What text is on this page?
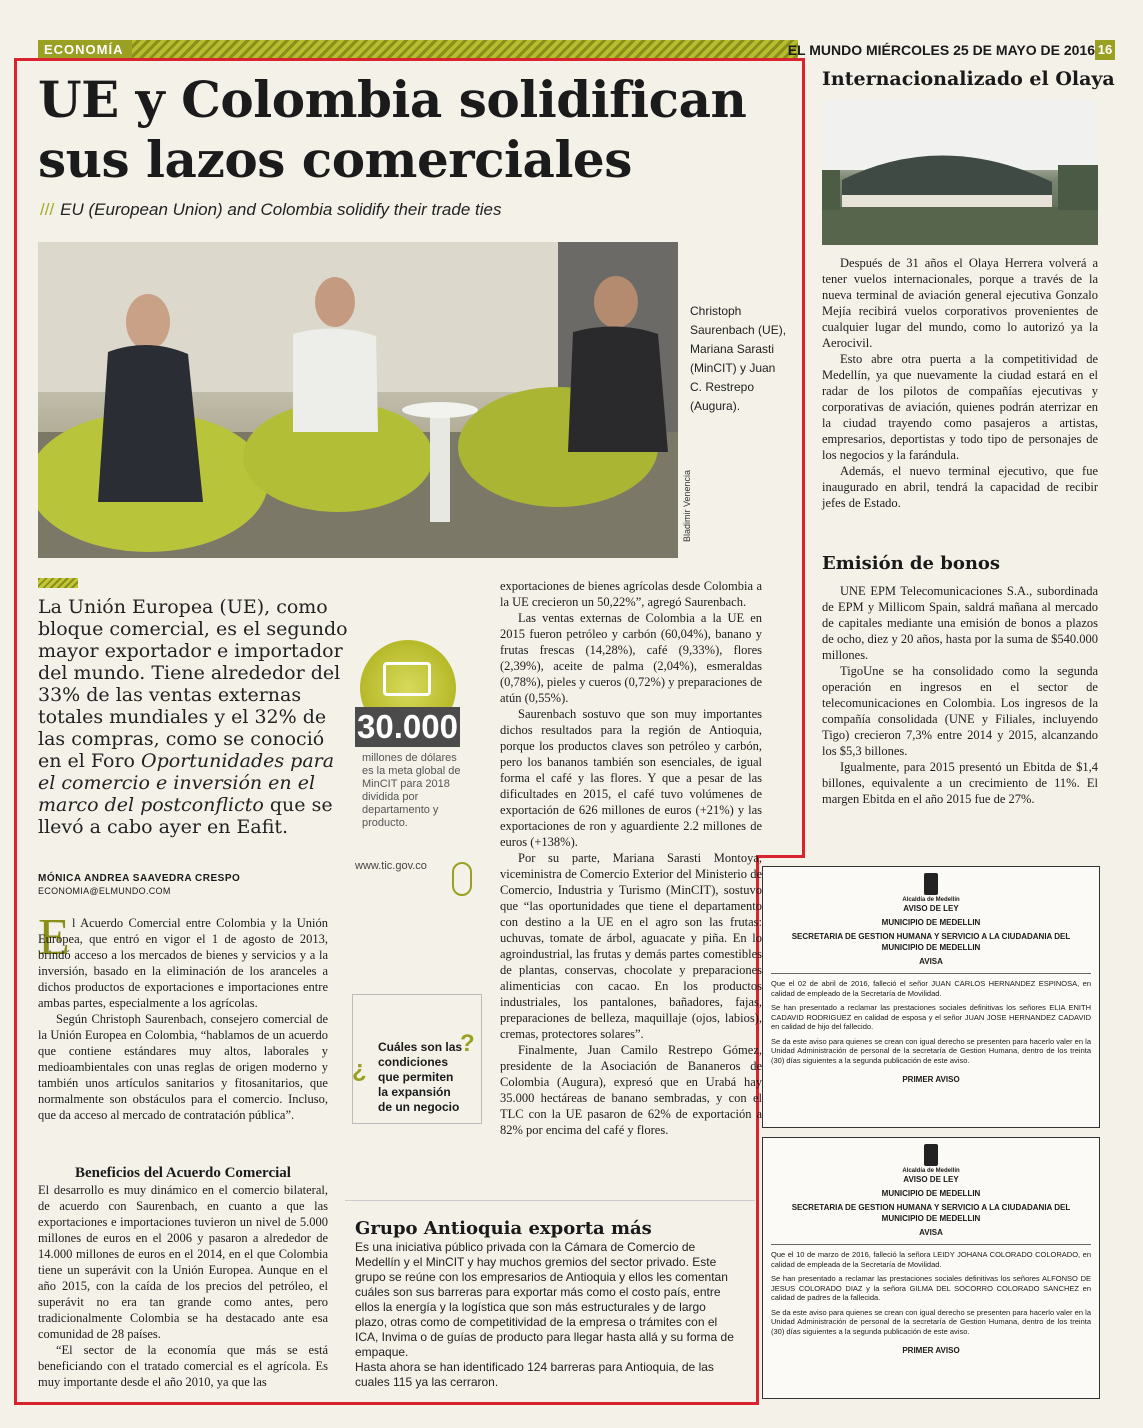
ECONOMÍA	EL MUNDO MIÉRCOLES 25 DE MAYO DE 2016 16
UE y Colombia solidifican
sus lazos comerciales
/// EU (European Union) and Colombia solidify their trade ties
Bladimir Venencia
Christoph Saurenbach (UE), Mariana Sarasti (MinCIT) y Juan C. Restrepo (Augura).
La Unión Europea (UE), como bloque comercial, es el segundo mayor exportador e importador del mundo. Tiene alrededor del 33% de las ventas externas totales mundiales y el 32% de las compras, como se conoció en el Foro Oportunidades para el comercio e inversión en el marco del postconflicto que se llevó a cabo ayer en Eafit.
MÓNICA ANDREA SAAVEDRA CRESPO
ECONOMIA@ELMUNDO.COM
30.000
millones de dólares es la meta global de MinCIT para 2018 dividida por departamento y producto.
www.tic.gov.co
¿
?
Cuáles son las condiciones que permiten la expansión de un negocio
E l Acuerdo Comercial entre Colombia y la Unión Europea, que entró en vigor el 1 de agosto de 2013, brindó acceso a los mercados de bienes y servicios y a la inversión, basado en la eliminación de los aranceles a dichos productos de exportaciones e importaciones entre ambas partes, especialmente a los agrícolas.

Según Christoph Saurenbach, consejero comercial de la Unión Europea en Colombia, “hablamos de un acuerdo que contiene estándares muy altos, laborales y medioambientales con unas reglas de origen moderno y también unos artículos sanitarios y fitosanitarios, que normalmente son obstáculos para el comercio. Incluso, que da acceso al mercado de contratación pública”.

Beneficios del Acuerdo Comercial

El desarrollo es muy dinámico en el comercio bilateral, de acuerdo con Saurenbach, en cuanto a que las exportaciones e importaciones tuvieron un nivel de 5.000 millones de euros en el 2006 y pasaron a alrededor de 14.000 millones de euros en el 2014, en el que Colombia tiene un superávit con la Unión Europea. Aunque en el año 2015, con la caída de los precios del petróleo, el superávit no era tan grande como antes, pero tradicionalmente Colombia se ha destacado ante esa comunidad de 28 países.

“El sector de la economía que más se está beneficiando con el tratado comercial es el agrícola. Es muy importante desde el año 2010, ya que las

exportaciones de bienes agrícolas desde Colombia a la UE crecieron un 50,22%”, agregó Saurenbach.

Las ventas externas de Colombia a la UE en 2015 fueron petróleo y carbón (60,04%), banano y frutas frescas (14,28%), café (9,33%), flores (2,39%), aceite de palma (2,04%), esmeraldas (0,78%), pieles y cueros (0,72%) y preparaciones de atún (0,55%).

Saurenbach sostuvo que son muy importantes dichos resultados para la región de Antioquia, porque los productos claves son petróleo y carbón, pero los bananos también son esenciales, de igual forma el café y las flores. Y que a pesar de las dificultades en 2015, el café tuvo volúmenes de exportación de 626 millones de euros (+21%) y las exportaciones de ron y aguardiente 2.2 millones de euros (+138%).

Por su parte, Mariana Sarasti Montoya, viceministra de Comercio Exterior del Ministerio de Comercio, Industria y Turismo (MinCIT), sostuvo que “las oportunidades que tiene el departamento con destino a la UE en el agro son las frutas: uchuvas, tomate de árbol, aguacate y piña. En lo agroindustrial, las frutas y demás partes comestibles de plantas, conservas, chocolate y preparaciones alimenticias con cacao. En los productos industriales, los pantalones, bañadores, fajas, preparaciones de belleza, maquillaje (ojos, labios), cremas, protectores solares”.

Finalmente, Juan Camilo Restrepo Gómez, presidente de la Asociación de Bananeros de Colombia (Augura), expresó que en Urabá hay 35.000 hectáreas de banano sembradas, y con el TLC con la UE pasaron de 62% de exportación a 82% por encima del café y flores.

Grupo Antioquia exporta más
Es una iniciativa público privada con la Cámara de Comercio de Medellín y el MinCIT y hay muchos gremios del sector privado. Este grupo se reúne con los empresarios de Antioquia y ellos les comentan cuáles son sus barreras para exportar más como el costo país, entre ellos la energía y la logística que son más estructurales y de largo plazo, otras como de competitividad de la empresa o trámites con el ICA, Invima o de guías de producto para llegar hasta allá y su forma de empaque.
Hasta ahora se han identificado 124 barreras para Antioquia, de las cuales 115 ya las cerraron.
Internacionalizado el Olaya

Después de 31 años el Olaya Herrera volverá a tener vuelos internacionales, porque a través de la nueva terminal de aviación general ejecutiva Gonzalo Mejía recibirá vuelos corporativos provenientes de cualquier lugar del mundo, como lo autorizó ya la Aerocivil.

Esto abre otra puerta a la competitividad de Medellín, ya que nuevamente la ciudad estará en el radar de los pilotos de compañías ejecutivas y corporativas de aviación, quienes podrán aterrizar en la ciudad trayendo como pasajeros a artistas, empresarios, deportistas y todo tipo de personajes de los negocios y la farándula.

Además, el nuevo terminal ejecutivo, que fue inaugurado en abril, tendrá la capacidad de recibir jefes de Estado.

Emisión de bonos

UNE EPM Telecomunicaciones S.A., subordinada de EPM y Millicom Spain, saldrá mañana al mercado de capitales mediante una emisión de bonos a plazos de ocho, diez y 20 años, hasta por la suma de $540.000 millones.

TigoUne se ha consolidado como la segunda operación en ingresos en el sector de telecomunicaciones en Colombia. Los ingresos de la compañía consolidada (UNE y Filiales, incluyendo Tigo) crecieron 7,3% entre 2014 y 2015, alcanzando los $5,3 billones.

Igualmente, para 2015 presentó un Ebitda de $1,4 billones, equivalente a un crecimiento de 11%. El margen Ebitda en el año 2015 fue de 27%.

Alcaldía de Medellín
AVISO DE LEY
MUNICIPIO DE MEDELLIN
SECRETARIA DE GESTION HUMANA Y SERVICIO A LA CIUDADANIA DEL MUNICIPIO DE MEDELLIN
AVISA
Que el 02 de abril de 2016, falleció el señor JUAN CARLOS HERNANDEZ ESPINOSA, en calidad de empleado de la Secretaría de Movilidad.
Se han presentado a reclamar las prestaciones sociales definitivas los señores ELIA ENITH CADAVID RODRIGUEZ en calidad de esposa y el señor JUAN JOSE HERNANDEZ CADAVID en calidad de hijo del fallecido.
Se da este aviso para quienes se crean con igual derecho se presenten para hacerlo valer en la Unidad Administración de personal de la secretaría de Gestion Humana, dentro de los treinta (30) días siguientes a la segunda publicación de este aviso.
PRIMER AVISO
Alcaldía de Medellín
AVISO DE LEY
MUNICIPIO DE MEDELLIN
SECRETARIA DE GESTION HUMANA Y SERVICIO A LA CIUDADANIA DEL MUNICIPIO DE MEDELLIN
AVISA
Que el 10 de marzo de 2016, falleció la señora LEIDY JOHANA COLORADO COLORADO, en calidad de empleada de la Secretaría de Movilidad.
Se han presentado a reclamar las prestaciones sociales definitivas los señores ALFONSO DE JESUS COLORADO DIAZ y la señora GILMA DEL SOCORRO COLORADO SANCHEZ en calidad de padres de la fallecida.
Se da este aviso para quienes se crean con igual derecho se presenten para hacerlo valer en la Unidad Administración de personal de la secretaría de Gestion Humana, dentro de los treinta (30) días siguientes a la segunda publicación de este aviso.
PRIMER AVISO
